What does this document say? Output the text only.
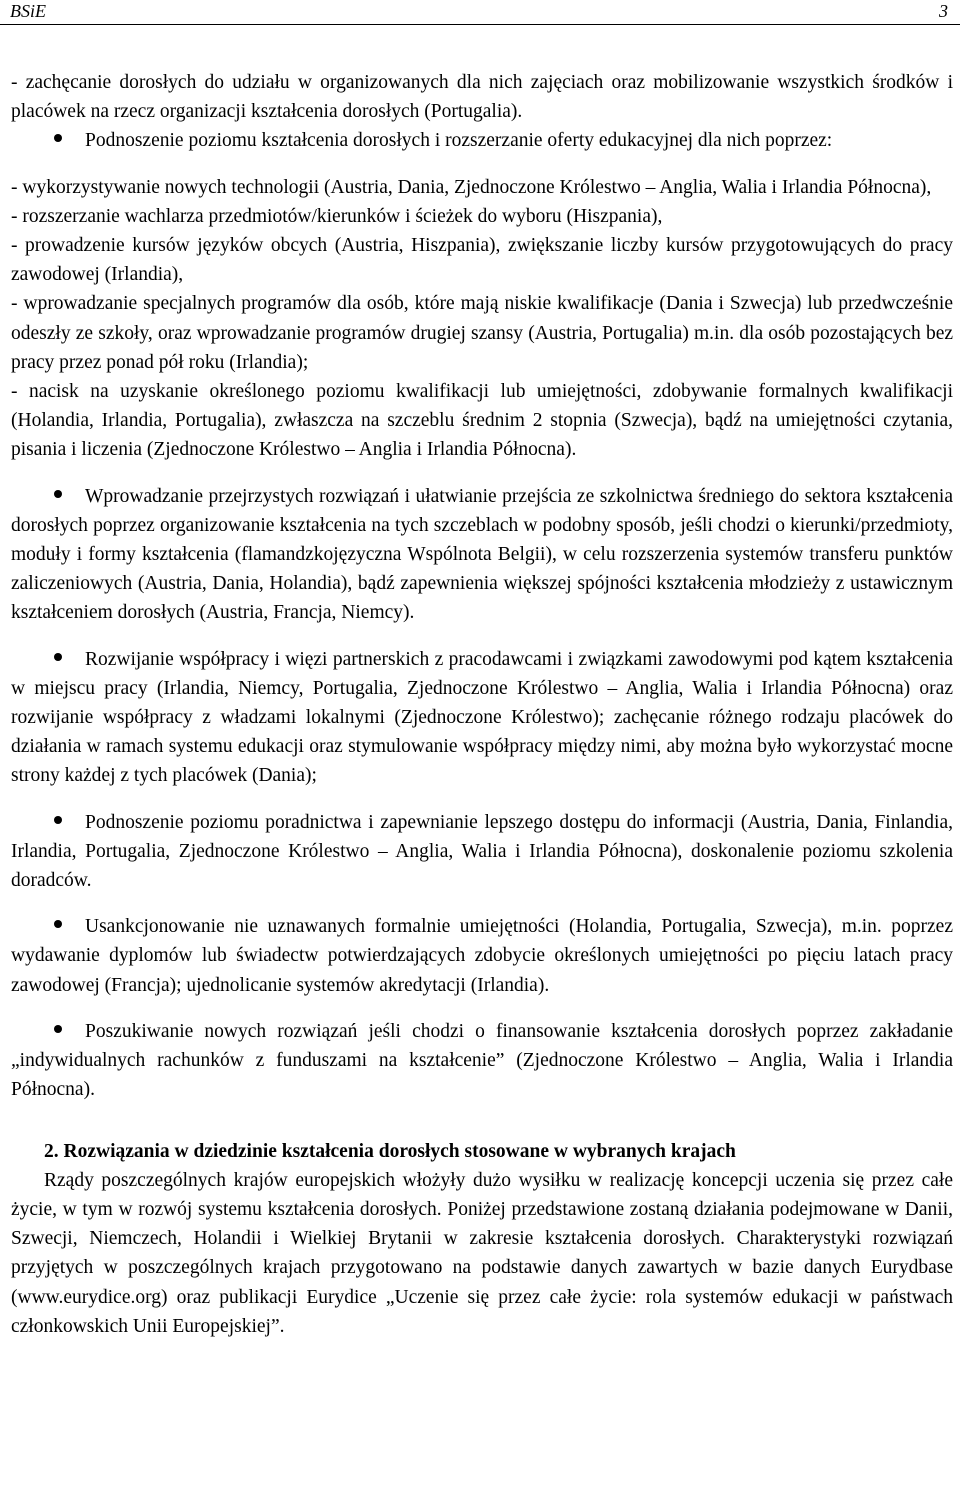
BSiE	3

- zachęcanie dorosłych do udziału w organizowanych dla nich zajęciach oraz mobilizowanie wszystkich środków i placówek na rzecz organizacji kształcenia dorosłych (Portugalia).

Podnoszenie poziomu kształcenia dorosłych i rozszerzanie oferty edukacyjnej dla nich poprzez:

- wykorzystywanie nowych technologii (Austria, Dania, Zjednoczone Królestwo – Anglia, Walia i Irlandia Północna),

- rozszerzanie wachlarza przedmiotów/kierunków i ścieżek do wyboru (Hiszpania),

- prowadzenie kursów języków obcych (Austria, Hiszpania), zwiększanie liczby kursów przygotowujących do pracy zawodowej (Irlandia),

- wprowadzanie specjalnych programów dla osób, które mają niskie kwalifikacje (Dania i Szwecja) lub przedwcześnie odeszły ze szkoły, oraz wprowadzanie programów drugiej szansy (Austria, Portugalia) m.in. dla osób pozostających bez pracy przez ponad pół roku (Irlandia);

- nacisk na uzyskanie określonego poziomu kwalifikacji lub umiejętności, zdobywanie formalnych kwalifikacji (Holandia, Irlandia, Portugalia), zwłaszcza na szczeblu średnim 2 stopnia (Szwecja), bądź na umiejętności czytania, pisania i liczenia (Zjednoczone Królestwo – Anglia i Irlandia Północna).

Wprowadzanie przejrzystych rozwiązań i ułatwianie przejścia ze szkolnictwa średniego do sektora kształcenia dorosłych poprzez organizowanie kształcenia na tych szczeblach w podobny sposób, jeśli chodzi o kierunki/przedmioty, moduły i formy kształcenia (flamandzkojęzyczna Wspólnota Belgii), w celu rozszerzenia systemów transferu punktów zaliczeniowych (Austria, Dania, Holandia), bądź zapewnienia większej spójności kształcenia młodzieży z ustawicznym kształceniem dorosłych (Austria, Francja, Niemcy).

Rozwijanie współpracy i więzi partnerskich z pracodawcami i związkami zawodowymi pod kątem kształcenia w miejscu pracy (Irlandia, Niemcy, Portugalia, Zjednoczone Królestwo – Anglia, Walia i Irlandia Północna) oraz rozwijanie współpracy z władzami lokalnymi (Zjednoczone Królestwo); zachęcanie różnego rodzaju placówek do działania w ramach systemu edukacji oraz stymulowanie współpracy między nimi, aby można było wykorzystać mocne strony każdej z tych placówek (Dania);

Podnoszenie poziomu poradnictwa i zapewnianie lepszego dostępu do informacji (Austria, Dania, Finlandia, Irlandia, Portugalia, Zjednoczone Królestwo – Anglia, Walia i Irlandia Północna), doskonalenie poziomu szkolenia doradców.

Usankcjonowanie nie uznawanych formalnie umiejętności (Holandia, Portugalia, Szwecja), m.in. poprzez wydawanie dyplomów lub świadectw potwierdzających zdobycie określonych umiejętności po pięciu latach pracy zawodowej (Francja); ujednolicanie systemów akredytacji (Irlandia).

Poszukiwanie nowych rozwiązań jeśli chodzi o finansowanie kształcenia dorosłych poprzez zakładanie „indywidualnych rachunków z funduszami na kształcenie” (Zjednoczone Królestwo – Anglia, Walia i Irlandia Północna).

2. Rozwiązania w dziedzinie kształcenia dorosłych stosowane w wybranych krajach

Rządy poszczególnych krajów europejskich włożyły dużo wysiłku w realizację koncepcji uczenia się przez całe życie, w tym w rozwój systemu kształcenia dorosłych. Poniżej przedstawione zostaną działania podejmowane w Danii, Szwecji, Niemczech, Holandii i Wielkiej Brytanii w zakresie kształcenia dorosłych. Charakterystyki rozwiązań przyjętych w poszczególnych krajach przygotowano na podstawie danych zawartych w bazie danych Eurydbase (www.eurydice.org) oraz publikacji Eurydice „Uczenie się przez całe życie: rola systemów edukacji w państwach członkowskich Unii Europejskiej”.
